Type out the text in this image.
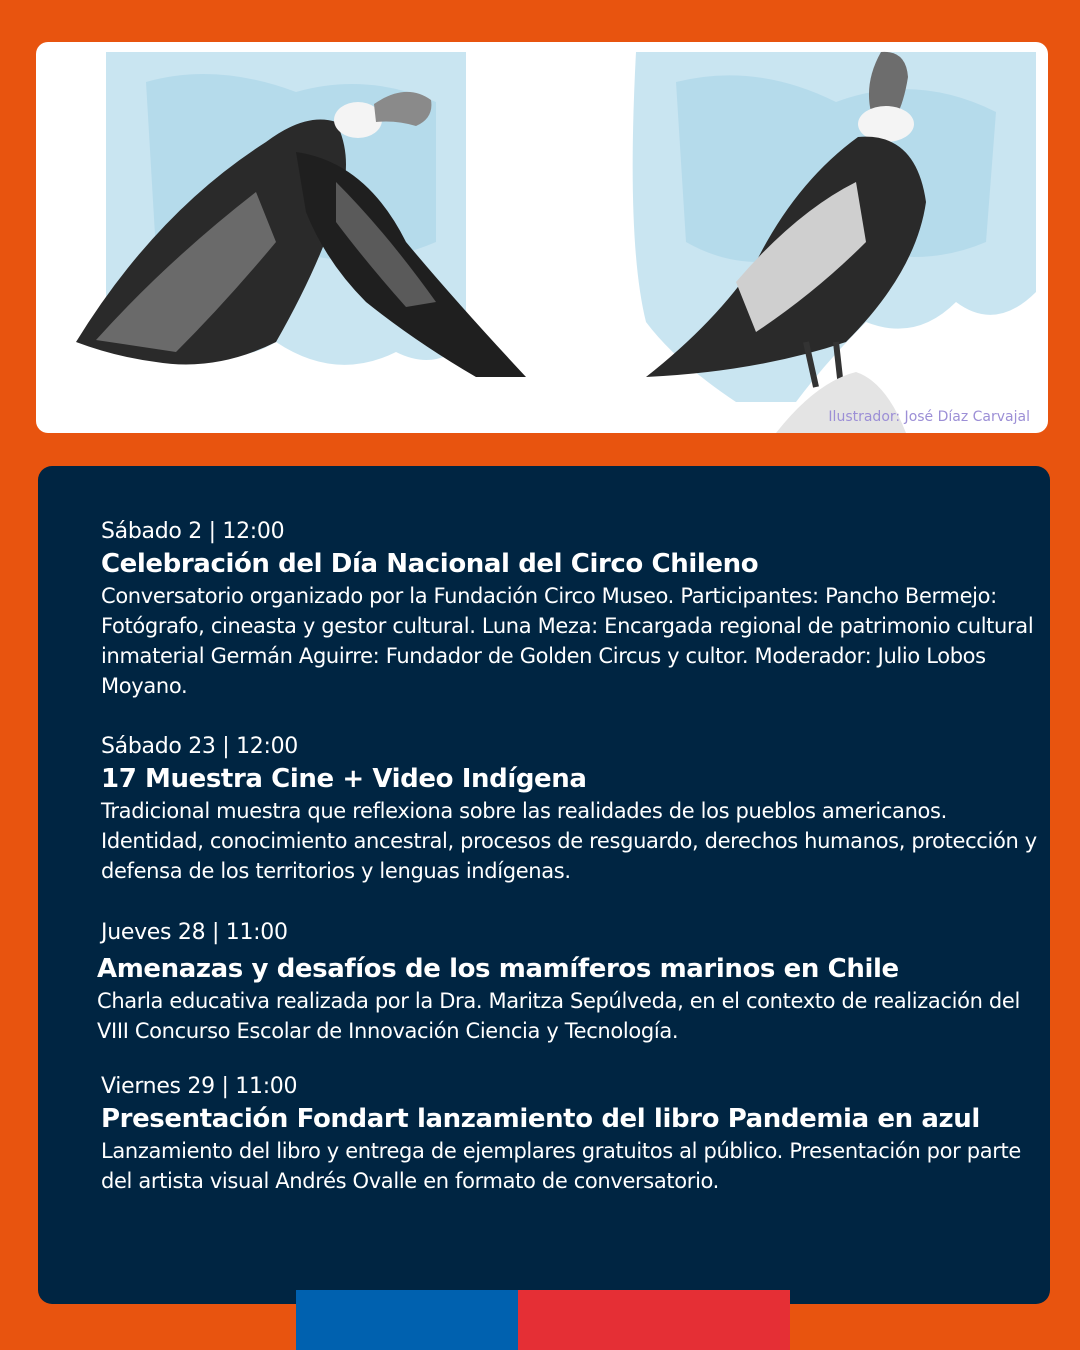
Ilustrador: José Díaz Carvajal
Sábado 2 | 12:00
Celebración del Día Nacional del Circo Chileno
Conversatorio organizado por la Fundación Circo Museo. Participantes: Pancho Bermejo: Fotógrafo, cineasta y gestor cultural. Luna Meza: Encargada regional de patrimonio cultural inmaterial Germán Aguirre: Fundador de Golden Circus y cultor. Moderador: Julio Lobos Moyano.
Sábado 23 | 12:00
17 Muestra Cine + Video Indígena
Tradicional muestra que reflexiona sobre las realidades de los pueblos americanos. Identidad, conocimiento ancestral, procesos de resguardo, derechos humanos, protección y defensa de los territorios y lenguas indígenas.
Jueves 28 | 11:00
Amenazas y desafíos de los mamíferos marinos en Chile
Charla educativa realizada por la Dra. Maritza Sepúlveda, en el contexto de realización del VIII Concurso Escolar de Innovación Ciencia y Tecnología.
Viernes 29 | 11:00
Presentación Fondart lanzamiento del libro Pandemia en azul
Lanzamiento del libro y entrega de ejemplares gratuitos al público. Presentación por parte del artista visual Andrés Ovalle en formato de conversatorio.
